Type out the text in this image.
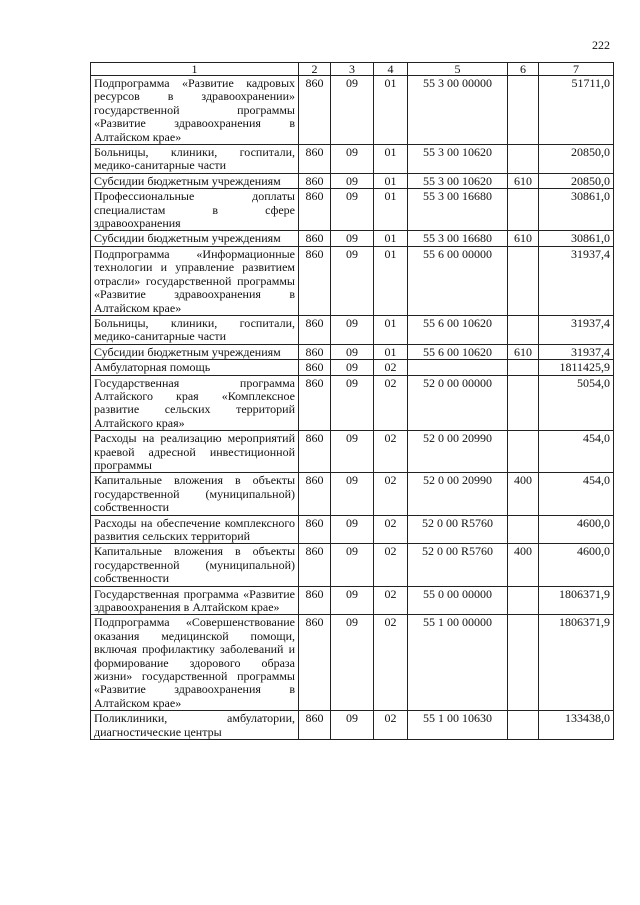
222
1	2	3	4	5	6	7
Подпрограмма «Развитие кадровых ресурсов в здравоохранении» государственной программы «Развитие здравоохранения в Алтайском крае»	860	09	01	55 3 00 00000		51711,0
Больницы, клиники, госпитали, медико-санитарные части	860	09	01	55 3 00 10620		20850,0
Субсидии бюджетным учреждениям	860	09	01	55 3 00 10620	610	20850,0
Профессиональные доплаты специалистам в сфере здравоохранения	860	09	01	55 3 00 16680		30861,0
Субсидии бюджетным учреждениям	860	09	01	55 3 00 16680	610	30861,0
Подпрограмма «Информационные технологии и управление развитием отрасли» государственной программы «Развитие здравоохранения в Алтайском крае»	860	09	01	55 6 00 00000		31937,4
Больницы, клиники, госпитали, медико-санитарные части	860	09	01	55 6 00 10620		31937,4
Субсидии бюджетным учреждениям	860	09	01	55 6 00 10620	610	31937,4
Амбулаторная помощь	860	09	02			1811425,9
Государственная программа Алтайского края «Комплексное развитие сельских территорий Алтайского края»	860	09	02	52 0 00 00000		5054,0
Расходы на реализацию мероприятий краевой адресной инвестиционной программы	860	09	02	52 0 00 20990		454,0
Капитальные вложения в объекты государственной (муниципальной) собственности	860	09	02	52 0 00 20990	400	454,0
Расходы на обеспечение комплексного развития сельских территорий	860	09	02	52 0 00 R5760		4600,0
Капитальные вложения в объекты государственной (муниципальной) собственности	860	09	02	52 0 00 R5760	400	4600,0
Государственная программа «Развитие здравоохранения в Алтайском крае»	860	09	02	55 0 00 00000		1806371,9
Подпрограмма «Совершенствование оказания медицинской помощи, включая профилактику заболеваний и формирование здорового образа жизни» государственной программы «Развитие здравоохранения в Алтайском крае»	860	09	02	55 1 00 00000		1806371,9
Поликлиники, амбулатории, диагностические центры	860	09	02	55 1 00 10630		133438,0
